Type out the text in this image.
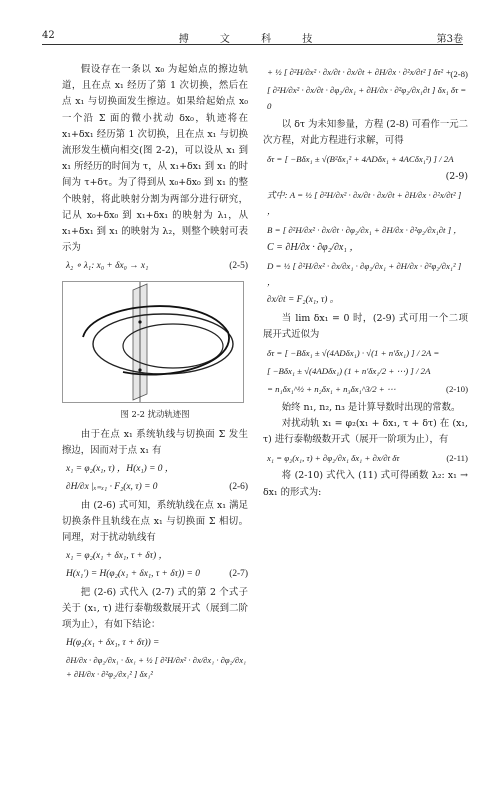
42	搏 文 科 技	第3卷

假设存在一条以 x₀ 为起始点的擦边轨道，且在点 x₁ 经历了第 1 次切换，然后在点 x₁ 与切换面发生擦边。如果给起始点 x₀ 一个沿 Σ 面的微小扰动 δx₀，轨迹将在 x₁+δx₁ 经历第 1 次切换，且在点 x₁ 与切换流形发生横向相交(图 2-2)，可以设从 x₁ 到 x₁ 所经历的时间为 τ，从 x₁+δx₁ 到 x₁ 的时间为 τ+δτ。为了得到从 x₀+δx₀ 到 x₁ 的整个映射，将此映射分割为两部分进行研究，记从 x₀+δx₀ 到 x₁+δx₁ 的映射为 λ₁，从 x₁+δx₁ 到 x₁ 的映射为 λ₂，则整个映射可表示为

λ₂ ∘ λ₁: x₀ + δx₀ → x₁	(2-5)
图 2-2 扰动轨迹图

由于在点 x₁ 系统轨线与切换面 Σ 发生擦边，因而对于点 x₁ 有

x₁ = φ₂(x₁, τ) ，H(x₁) = 0 ，
∂H/∂x |ₓ₌ₓ₁ · F₂(x, τ) = 0	(2-6)

由 (2-6) 式可知，系统轨线在点 x₁ 满足切换条件且轨线在点 x₁ 与切换面 Σ 相切。同理，对于扰动轨线有

x₁ = φ₂(x₁ + δx₁, τ + δτ) ，
H(x₁′) = H(φ₂(x₁ + δx₁, τ + δτ)) = 0	(2-7)

把 (2-6) 式代入 (2-7) 式的第 2 个式子关于 (x₁, τ) 进行泰勒级数展开式（展到二阶项为止），有如下结论：

H(φ₂(x₁ + δx₁, τ + δτ)) =
∂H/∂x · ∂φ₂/∂x₁ · δx₁ + ½ [ ∂²H/∂x² · ∂x/∂x₁ · ∂φ₂/∂x₁ + ∂H/∂x · ∂²φ₂/∂x₁² ] δx₁²
+ ½ [ ∂²H/∂x² · ∂x/∂t · ∂x/∂t + ∂H/∂x · ∂²x/∂t² ] δτ² +
[ ∂²H/∂x² · ∂x/∂t · ∂φ₂/∂x₁ + ∂H/∂x · ∂²φ₂/∂x₁∂t ] δx₁ δτ = 0
(2-8)

以 δτ 为未知参量，方程 (2-8) 可看作一元二次方程，对此方程进行求解，可得

δτ = [ −Bδx₁ ± √(B²δx₁² + 4ADδx₁ + 4ACδx₁²) ] / 2A
(2-9)
式中: A = ½ [ ∂²H/∂x² · ∂x/∂t · ∂x/∂t + ∂H/∂x · ∂²x/∂t² ] ，
B = [ ∂²H/∂x² · ∂x/∂t · ∂φ₂/∂x₁ + ∂H/∂x · ∂²φ₂/∂x₁∂t ] ，
C = ∂H/∂x · ∂φ₂/∂x₁ ，
D = ½ [ ∂²H/∂x² · ∂x/∂x₁ · ∂φ₂/∂x₁ + ∂H/∂x · ∂²φ₂/∂x₁² ] ，
∂x/∂t = F₂(x₁, τ) 。

当 lim δx₁ = 0 时，(2-9) 式可用一个二项展开式近似为

δτ = [ −Bδx₁ ± √(4ADδx₁) · √(1 + n′δx₁) ] / 2A =
[ −Bδx₁ ± √(4ADδx₁) (1 + n′δx₁/2 + ⋯) ] / 2A
= n₁δx₁^½ + n₂δx₁ + n₃δx₁^3/2 + ⋯	(2-10)

始终 n₁, n₂, n₃ 是计算导数时出现的常数。

对扰动轨 x₁ = φ₂(x₁ + δx₁, τ + δτ) 在 (x₁, τ) 进行泰勒级数开式（展开一阶项为止），有

x₁ = φ₂(x₁, τ) + ∂φ₂/∂x₁ δx₁ + ∂x/∂t δτ	(2-11)

将 (2-10) 式代入 (11) 式可得函数 λ₂: x₁ → δx₁ 的形式为:
